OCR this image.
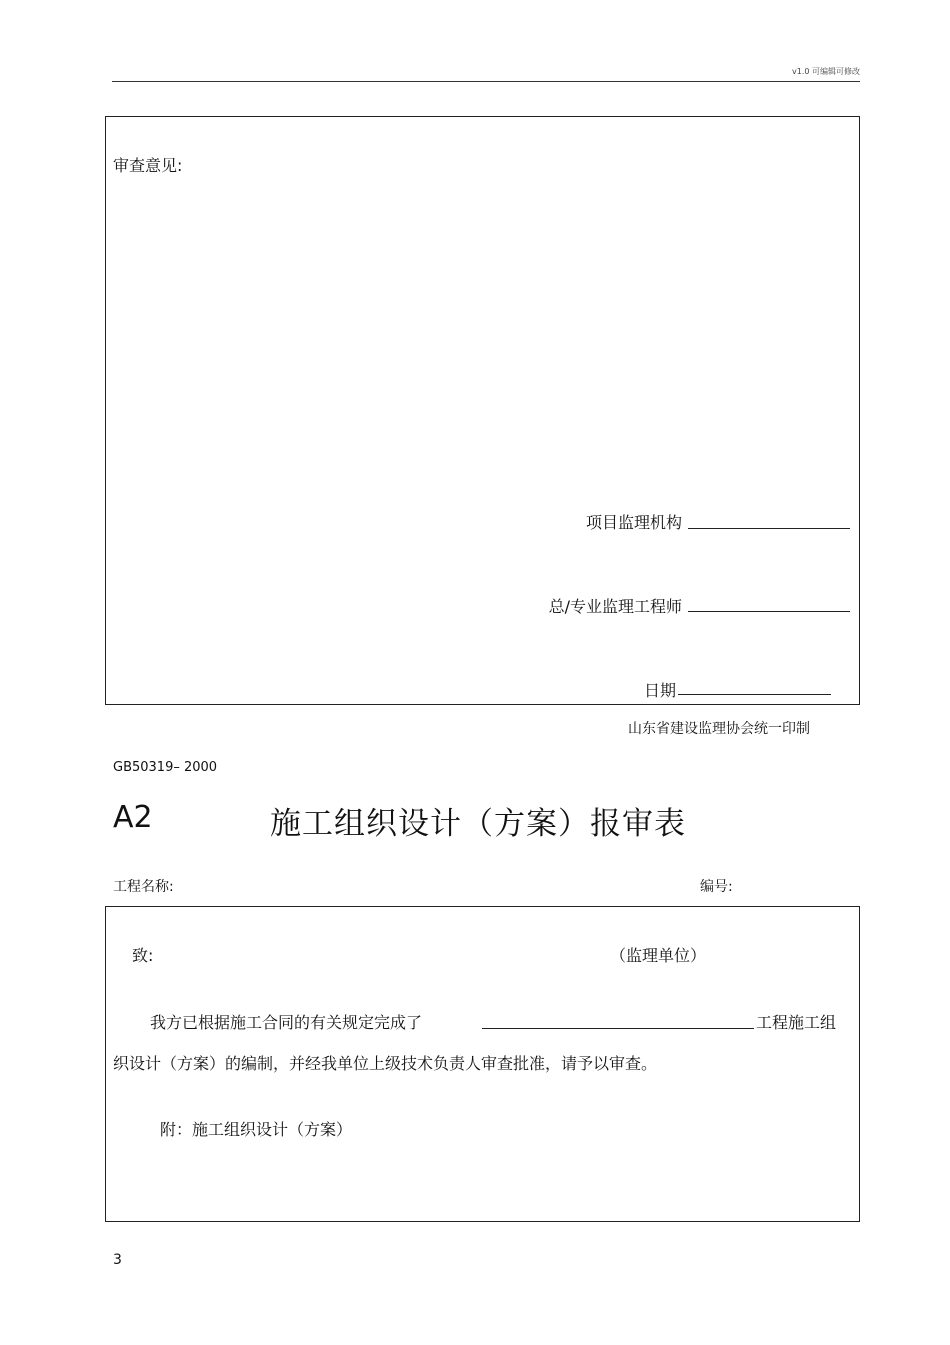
v1.0 可编辑可修改
审查意见:
项目监理机构
总/专业监理工程师
日期
山东省建设监理协会统一印制
GB50319– 2000
A2	施工组织设计（方案）报审表
工程名称:	编号:
致:	（监理单位）
我方已根据施工合同的有关规定完成了	工程施工组
织设计（方案）的编制，并经我单位上级技术负责人审查批准，请予以审查。
附：施工组织设计（方案）
3
